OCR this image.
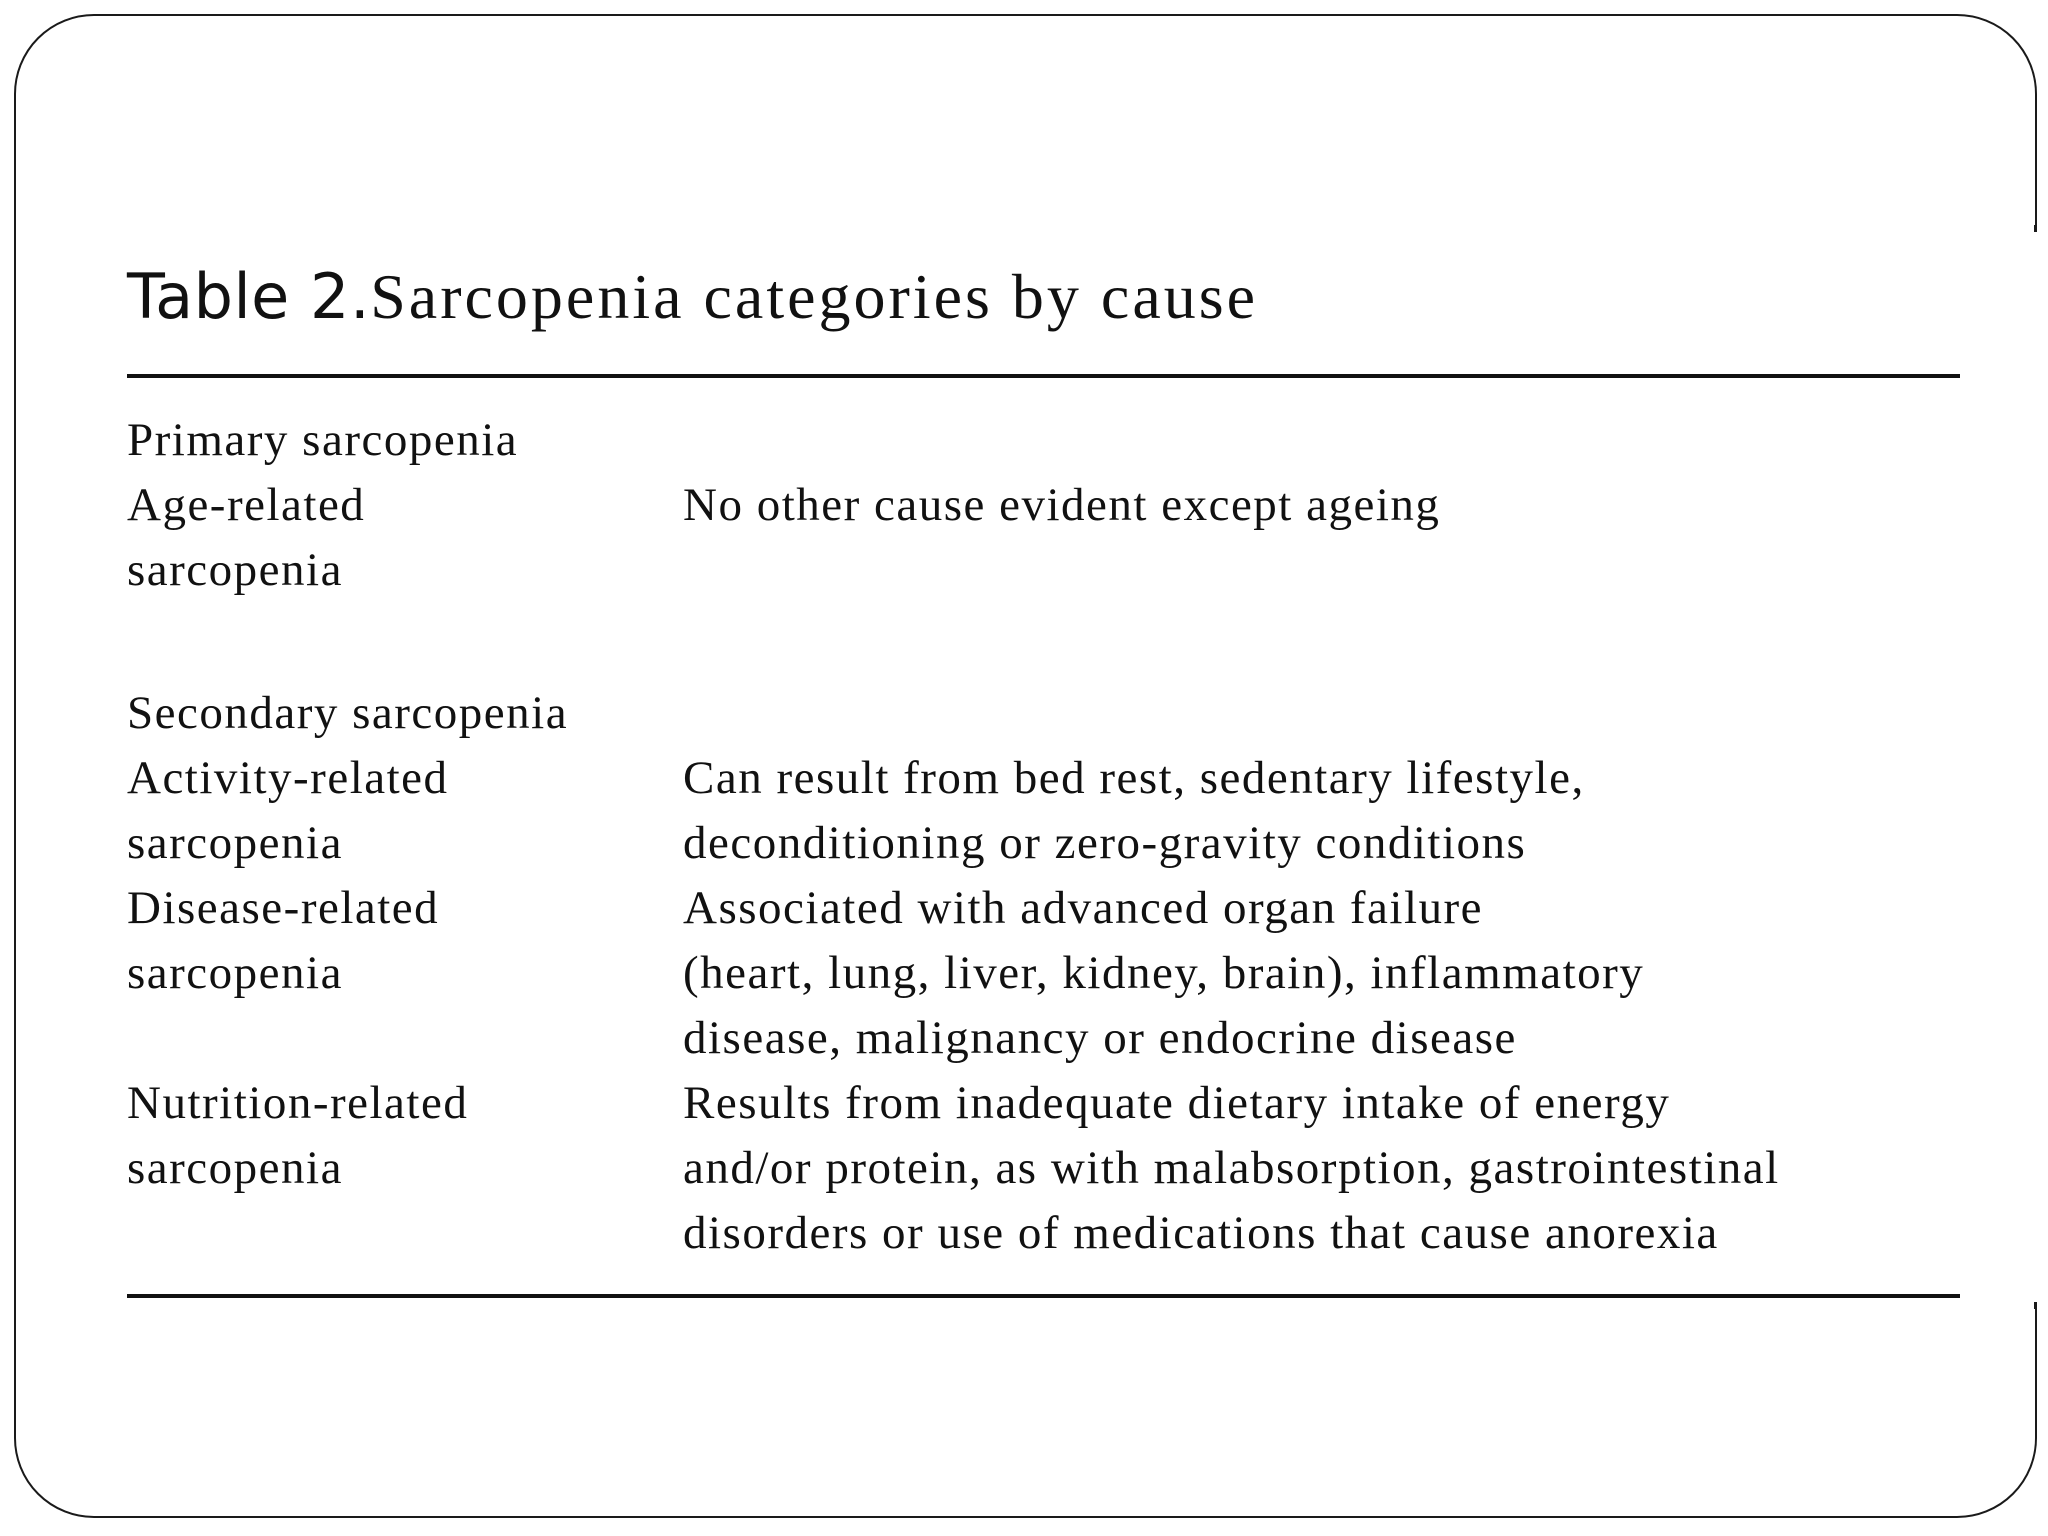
Table 2.Sarcopenia categories by cause
Primary sarcopenia
Age-related
sarcopenia
No other cause evident except ageing
Secondary sarcopenia
Activity-related
sarcopenia
Can result from bed rest, sedentary lifestyle,
deconditioning or zero-gravity conditions
Disease-related
sarcopenia
Associated with advanced organ failure
(heart, lung, liver, kidney, brain), inflammatory
disease, malignancy or endocrine disease
Nutrition-related
sarcopenia
Results from inadequate dietary intake of energy
and/or protein, as with malabsorption, gastrointestinal
disorders or use of medications that cause anorexia
